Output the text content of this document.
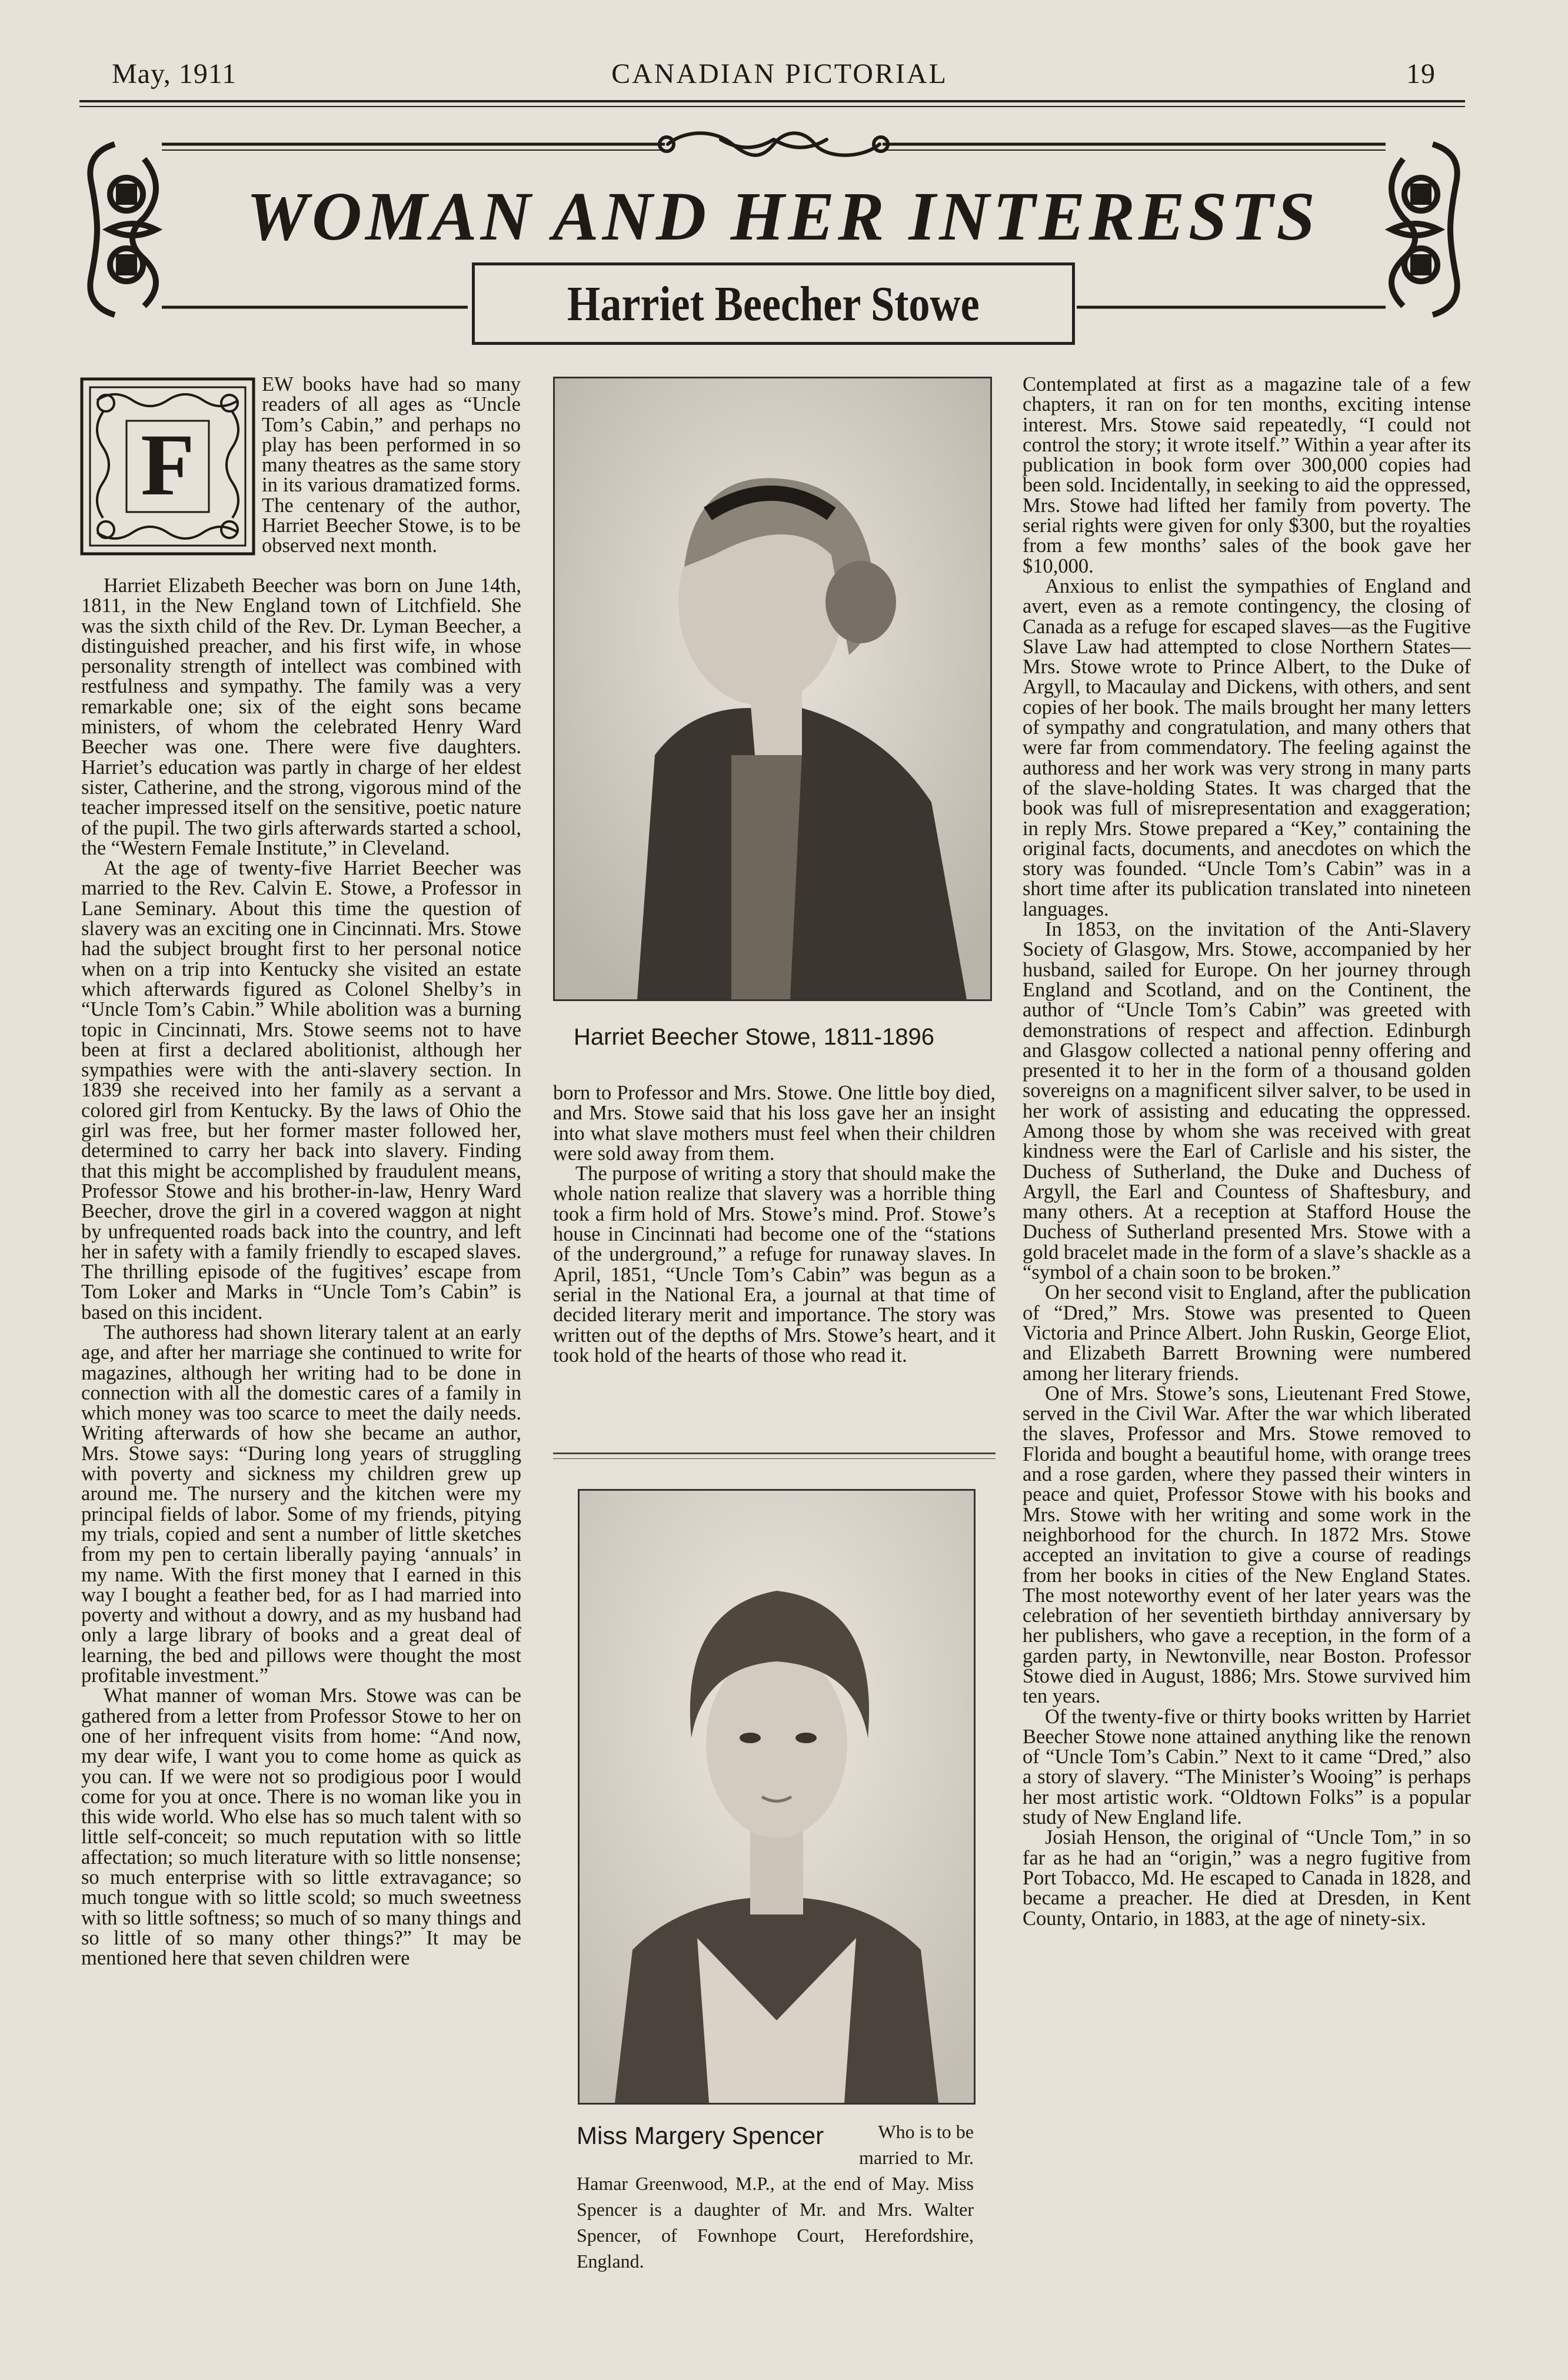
May, 1911	CANADIAN PICTORIAL	19
WOMAN AND HER INTERESTS
Harriet Beecher Stowe
F

EW books have had so many readers of all ages as “Uncle Tom’s Cabin,” and perhaps no play has been performed in so many theatres as the same story in its various dramatized forms. The centenary of the author, Harriet Beecher Stowe, is to be observed next month.

Harriet Elizabeth Beecher was born on June 14th, 1811, in the New England town of Litchfield. She was the sixth child of the Rev. Dr. Lyman Beecher, a distinguished preacher, and his first wife, in whose personality strength of intellect was combined with restfulness and sympathy. The family was a very remarkable one; six of the eight sons became ministers, of whom the celebrated Henry Ward Beecher was one. There were five daughters. Harriet’s education was partly in charge of her eldest sister, Catherine, and the strong, vigorous mind of the teacher impressed itself on the sensitive, poetic nature of the pupil. The two girls afterwards started a school, the “Western Female Institute,” in Cleveland.

At the age of twenty-five Harriet Beecher was married to the Rev. Calvin E. Stowe, a Professor in Lane Seminary. About this time the question of slavery was an exciting one in Cincinnati. Mrs. Stowe had the subject brought first to her personal notice when on a trip into Kentucky she visited an estate which afterwards figured as Colonel Shelby’s in “Uncle Tom’s Cabin.” While abolition was a burning topic in Cincinnati, Mrs. Stowe seems not to have been at first a declared abolitionist, although her sympathies were with the anti-slavery section. In 1839 she received into her family as a servant a colored girl from Kentucky. By the laws of Ohio the girl was free, but her former master followed her, determined to carry her back into slavery. Finding that this might be accomplished by fraudulent means, Professor Stowe and his brother-in-law, Henry Ward Beecher, drove the girl in a covered waggon at night by unfrequented roads back into the country, and left her in safety with a family friendly to escaped slaves. The thrilling episode of the fugitives’ escape from Tom Loker and Marks in “Uncle Tom’s Cabin” is based on this incident.

The authoress had shown literary talent at an early age, and after her marriage she continued to write for magazines, although her writing had to be done in connection with all the domestic cares of a family in which money was too scarce to meet the daily needs. Writing afterwards of how she became an author, Mrs. Stowe says: “During long years of struggling with poverty and sickness my children grew up around me. The nursery and the kitchen were my principal fields of labor. Some of my friends, pitying my trials, copied and sent a number of little sketches from my pen to certain liberally paying ‘annuals’ in my name. With the first money that I earned in this way I bought a feather bed, for as I had married into poverty and without a dowry, and as my husband had only a large library of books and a great deal of learning, the bed and pillows were thought the most profitable investment.”

What manner of woman Mrs. Stowe was can be gathered from a letter from Professor Stowe to her on one of her infrequent visits from home: “And now, my dear wife, I want you to come home as quick as you can. If we were not so prodigious poor I would come for you at once. There is no woman like you in this wide world. Who else has so much talent with so little self-conceit; so much reputation with so little affectation; so much literature with so little nonsense; so much enterprise with so little extravagance; so much tongue with so little scold; so much sweetness with so little softness; so much of so many things and so little of so many other things?” It may be mentioned here that seven children were

Harriet Beecher Stowe, 1811-1896

born to Professor and Mrs. Stowe. One little boy died, and Mrs. Stowe said that his loss gave her an insight into what slave mothers must feel when their children were sold away from them.

The purpose of writing a story that should make the whole nation realize that slavery was a horrible thing took a firm hold of Mrs. Stowe’s mind. Prof. Stowe’s house in Cincinnati had become one of the “stations of the underground,” a refuge for runaway slaves. In April, 1851, “Uncle Tom’s Cabin” was begun as a serial in the National Era, a journal at that time of decided literary merit and importance. The story was written out of the depths of Mrs. Stowe’s heart, and it took hold of the hearts of those who read it.

Miss Margery Spencer	Who is to be
married to Mr. Hamar Greenwood, M.P., at the end of May. Miss Spencer is a daughter of Mr. and Mrs. Walter Spencer, of Fownhope Court, Herefordshire, England.

Contemplated at first as a magazine tale of a few chapters, it ran on for ten months, exciting intense interest. Mrs. Stowe said repeatedly, “I could not control the story; it wrote itself.” Within a year after its publication in book form over 300,000 copies had been sold. Incidentally, in seeking to aid the oppressed, Mrs. Stowe had lifted her family from poverty. The serial rights were given for only $300, but the royalties from a few months’ sales of the book gave her $10,000.

Anxious to enlist the sympathies of England and avert, even as a remote contingency, the closing of Canada as a refuge for escaped slaves—as the Fugitive Slave Law had attempted to close Northern States—Mrs. Stowe wrote to Prince Albert, to the Duke of Argyll, to Macaulay and Dickens, with others, and sent copies of her book. The mails brought her many letters of sympathy and congratulation, and many others that were far from commendatory. The feeling against the authoress and her work was very strong in many parts of the slave-holding States. It was charged that the book was full of misrepresentation and exaggeration; in reply Mrs. Stowe prepared a “Key,” containing the original facts, documents, and anecdotes on which the story was founded. “Uncle Tom’s Cabin” was in a short time after its publication translated into nineteen languages.

In 1853, on the invitation of the Anti-Slavery Society of Glasgow, Mrs. Stowe, accompanied by her husband, sailed for Europe. On her journey through England and Scotland, and on the Continent, the author of “Uncle Tom’s Cabin” was greeted with demonstrations of respect and affection. Edinburgh and Glasgow collected a national penny offering and presented it to her in the form of a thousand golden sovereigns on a magnificent silver salver, to be used in her work of assisting and educating the oppressed. Among those by whom she was received with great kindness were the Earl of Carlisle and his sister, the Duchess of Sutherland, the Duke and Duchess of Argyll, the Earl and Countess of Shaftesbury, and many others. At a reception at Stafford House the Duchess of Sutherland presented Mrs. Stowe with a gold bracelet made in the form of a slave’s shackle as a “symbol of a chain soon to be broken.”

On her second visit to England, after the publication of “Dred,” Mrs. Stowe was presented to Queen Victoria and Prince Albert. John Ruskin, George Eliot, and Elizabeth Barrett Browning were numbered among her literary friends.

One of Mrs. Stowe’s sons, Lieutenant Fred Stowe, served in the Civil War. After the war which liberated the slaves, Professor and Mrs. Stowe removed to Florida and bought a beautiful home, with orange trees and a rose garden, where they passed their winters in peace and quiet, Professor Stowe with his books and Mrs. Stowe with her writing and some work in the neighborhood for the church. In 1872 Mrs. Stowe accepted an invitation to give a course of readings from her books in cities of the New England States. The most noteworthy event of her later years was the celebration of her seventieth birthday anniversary by her publishers, who gave a reception, in the form of a garden party, in Newtonville, near Boston. Professor Stowe died in August, 1886; Mrs. Stowe survived him ten years.

Of the twenty-five or thirty books written by Harriet Beecher Stowe none attained anything like the renown of “Uncle Tom’s Cabin.” Next to it came “Dred,” also a story of slavery. “The Minister’s Wooing” is perhaps her most artistic work. “Oldtown Folks” is a popular study of New England life.

Josiah Henson, the original of “Uncle Tom,” in so far as he had an “origin,” was a negro fugitive from Port Tobacco, Md. He escaped to Canada in 1828, and became a preacher. He died at Dresden, in Kent County, Ontario, in 1883, at the age of ninety-six.
